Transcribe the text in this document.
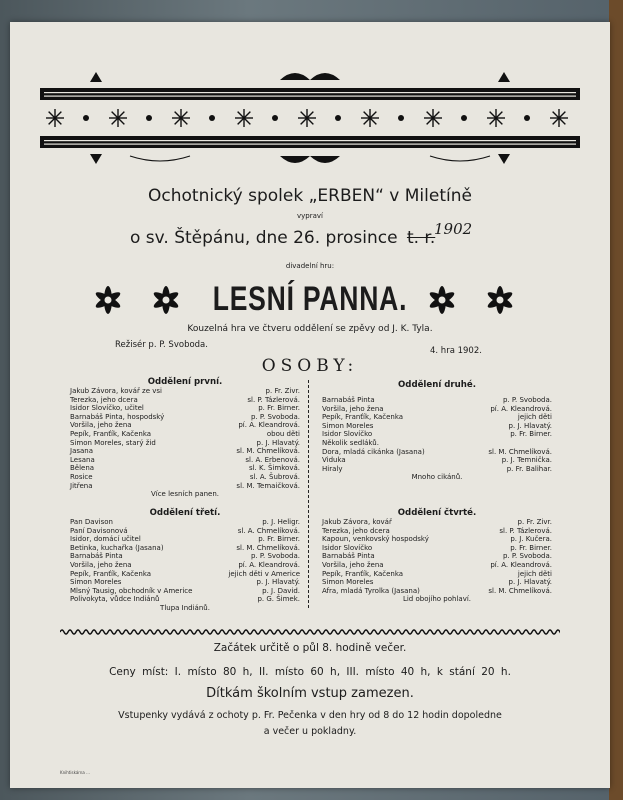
Ochotnický spolek „ERBEN“ v Miletíně
vypraví
o sv. Štěpánu, dne 26. prosince t. r.
1902
divadelní hru:
LESNÍ PANNA.
Kouzelná hra ve čtveru oddělení se zpěvy od J. K. Tyla.
Režisér p. P. Svoboda.
4. hra 1902.
OSOBY:
Oddělení první.
Jakub Závora, kovář ze vsi	p. Fr. Zivr.
Terezka, jeho dcera	sl. P. Tázlerová.
Isidor Slovíčko, učitel	p. Fr. Birner.
Barnabáš Pinta, hospodský	p. P. Svoboda.
Voršila, jeho žena	pí. A. Kleandrová.
Pepík, Franťík, Kačenka	obou děti
Simon Moreles, starý žid	p. J. Hlavatý.
Jasana	sl. M. Chmelíková.
Lesana	sl. A. Erbenová.
Bělena	sl. K. Šimková.
Rosice	sl. A. Šubrová.
Jitřena	sl. M. Temaičková.
Více lesních panen.
Oddělení druhé.
Barnabáš Pinta	p. P. Svoboda.
Voršila, jeho žena	pí. A. Kleandrová.
Pepík, Franťík, Kačenka	jejich děti
Simon Moreles	p. J. Hlavatý.
Isidor Slovíčko	p. Fr. Birner.
Několik sedláků.
Dora, mladá cikánka (Jasana)	sl. M. Chmelíková.
Viduka	p. J. Temnička.
Hiraly	p. Fr. Balihar.
Mnoho cikánů.
Oddělení třetí.
Pan Davison	p. J. Heligr.
Paní Davisonová	sl. A. Chmelíková.
Isidor, domácí učitel	p. Fr. Birner.
Betinka, kuchařka (Jasana)	sl. M. Chmelíková.
Barnabáš Pinta	p. P. Svoboda.
Voršila, jeho žena	pí. A. Kleandrová.
Pepík, Franťík, Kačenka	jejich děti v Americe
Simon Moreles	p. J. Hlavatý.
Mlsný Tausig, obchodník v Americe	p. J. David.
Polivokyta, vůdce Indiánů	p. G. Šimek.
Tlupa Indiánů.
Oddělení čtvrté.
Jakub Závora, kovář	p. Fr. Zivr.
Terezka, jeho dcera	sl. P. Tázlerová.
Kapoun, venkovský hospodský	p. J. Kučera.
Isidor Slovíčko	p. Fr. Birner.
Barnabáš Pinta	p. P. Svoboda.
Voršila, jeho žena	pí. A. Kleandrová.
Pepík, Franťík, Kačenka	jejich děti
Simon Moreles	p. J. Hlavatý.
Afra, mladá Tyrolka (Jasana)	sl. M. Chmelíková.
Lid obojího pohlaví.
Začátek určitě o půl 8. hodině večer.
Ceny míst: I. místo 80 h, II. místo 60 h, III. místo 40 h, k stání 20 h.
Dítkám školním vstup zamezen.
Vstupenky vydává z ochoty p. Fr. Pečenka v den hry od 8 do 12 hodin dopoledne
a večer u pokladny.
Knihtiskárna ...
